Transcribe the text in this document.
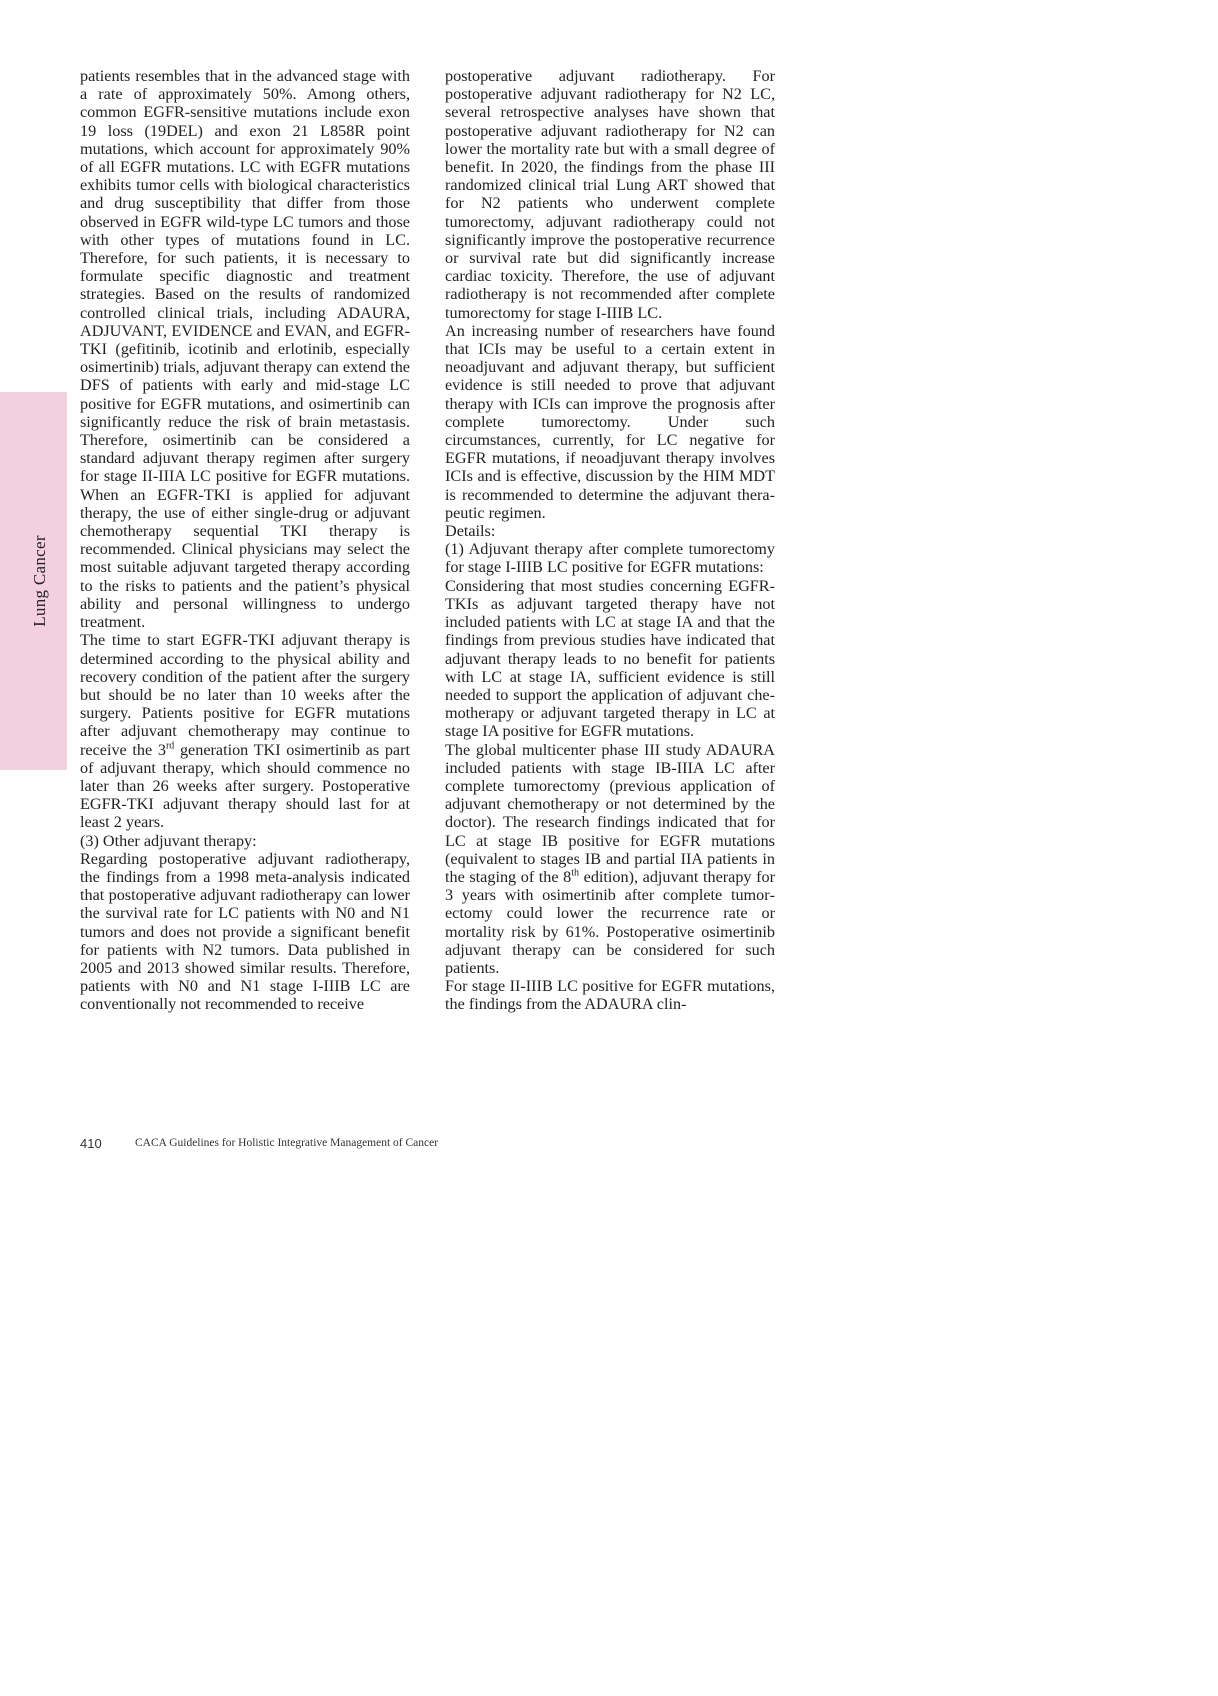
Lung Cancer

patients resembles that in the advanced stage with a rate of approximately 50%. Among others, common EGFR-sensitive mutations include exon 19 loss (19DEL) and exon 21 L858R point mutations, which account for approximately 90% of all EGFR mutations. LC with EGFR mutations exhibits tumor cells with biological characteristics and drug susceptibility that differ from those observed in EGFR wild-type LC tumors and those with other types of mutations found in LC. Therefore, for such patients, it is necessary to formulate specific diagnostic and treatment strategies. Based on the results of randomized controlled clinical trials, including ADAURA, ADJUVANT, EVIDENCE and EVAN, and EGFR-TKI (gefitinib, icotinib and erlotinib, especially osimertinib) trials, adjuvant therapy can extend the DFS of patients with early and mid-stage LC positive for EGFR mutations, and osimertinib can significantly reduce the risk of brain metastasis. Therefore, osimertinib can be considered a standard adjuvant therapy regimen after surgery for stage II-IIIA LC positive for EGFR mutations. When an EGFR-TKI is applied for adjuvant therapy, the use of either single-drug or adjuvant chemotherapy sequential TKI therapy is recommended. Clinical physicians may select the most suitable adjuvant targeted therapy according to the risks to patients and the patient’s physical ability and personal willingness to undergo treatment.

The time to start EGFR-TKI adjuvant therapy is determined according to the physical ability and recovery condition of the patient after the surgery but should be no later than 10 weeks after the surgery. Patients positive for EGFR mutations after adjuvant chemotherapy may continue to receive the 3rd generation TKI osimertinib as part of adjuvant therapy, which should commence no later than 26 weeks after surgery. Postoperative EGFR-TKI adjuvant therapy should last for at least 2 years.

(3) Other adjuvant therapy:

Regarding postoperative adjuvant radiotherapy, the findings from a 1998 meta-analysis indicated that postoperative adjuvant radiotherapy can lower the survival rate for LC patients with N0 and N1 tumors and does not provide a significant benefit for patients with N2 tumors. Data published in 2005 and 2013 showed similar results. Therefore, patients with N0 and N1 stage I-IIIB LC are conventionally not recommended to receive

postoperative adjuvant radiotherapy. For postoperative adjuvant radiotherapy for N2 LC, several retrospective analyses have shown that postoperative adjuvant radiotherapy for N2 can lower the mortality rate but with a small degree of benefit. In 2020, the findings from the phase III randomized clinical trial Lung ART showed that for N2 patients who underwent complete tumorectomy, adjuvant radiotherapy could not significantly improve the postoperative recurrence or survival rate but did significantly increase cardiac toxicity. Therefore, the use of adjuvant radiotherapy is not recommended after complete tumorectomy for stage I-IIIB LC.

An increasing number of researchers have found that ICIs may be useful to a certain extent in neoadjuvant and adjuvant therapy, but sufficient evidence is still needed to prove that adjuvant therapy with ICIs can improve the prognosis after complete tumorectomy. Under such circumstances, currently, for LC negative for EGFR mutations, if neoadjuvant therapy involves ICIs and is effective, discussion by the HIM MDT is recommended to determine the adjuvant therapeutic regimen.

Details:

(1) Adjuvant therapy after complete tumorectomy for stage I-IIIB LC positive for EGFR mutations:

Considering that most studies concerning EGFR-TKIs as adjuvant targeted therapy have not included patients with LC at stage IA and that the findings from previous studies have indicated that adjuvant therapy leads to no benefit for patients with LC at stage IA, sufficient evidence is still needed to support the application of adjuvant chemotherapy or adjuvant targeted therapy in LC at stage IA positive for EGFR mutations.

The global multicenter phase III study ADAURA included patients with stage IB-IIIA LC after complete tumorectomy (previous application of adjuvant chemotherapy or not determined by the doctor). The research findings indicated that for LC at stage IB positive for EGFR mutations (equivalent to stages IB and partial IIA patients in the staging of the 8th edition), adjuvant therapy for 3 years with osimertinib after complete tumorectomy could lower the recurrence rate or mortality risk by 61%. Postoperative osimertinib adjuvant therapy can be considered for such patients.

For stage II-IIIB LC positive for EGFR mutations, the findings from the ADAURA clin-

410	CACA Guidelines for Holistic Integrative Management of Cancer
